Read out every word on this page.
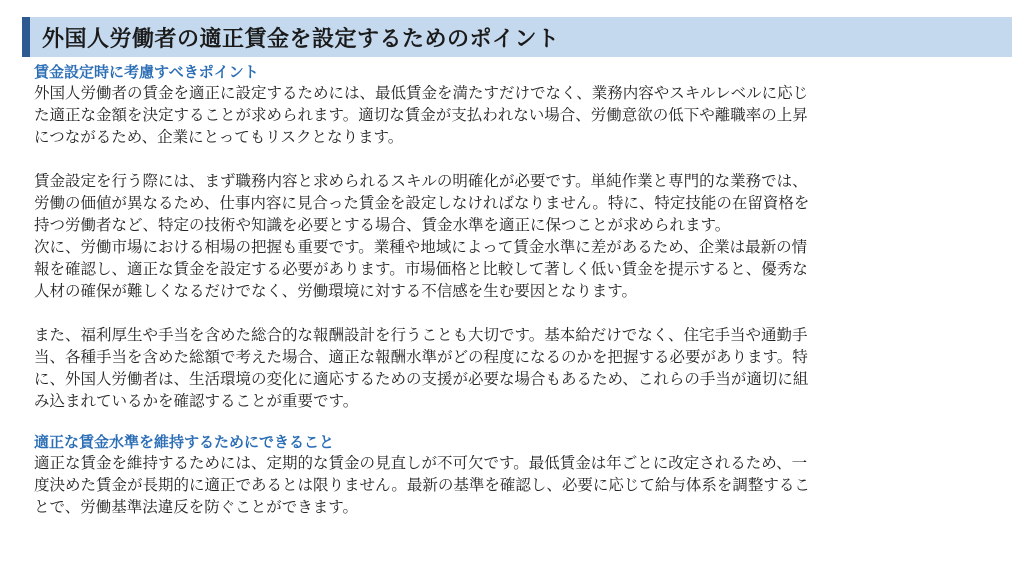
外国人労働者の適正賃金を設定するためのポイント
賃金設定時に考慮すべきポイント
外国人労働者の賃金を適正に設定するためには、最低賃金を満たすだけでなく、業務内容やスキルレベルに応じ
た適正な金額を決定することが求められます。適切な賃金が支払われない場合、労働意欲の低下や離職率の上昇
につながるため、企業にとってもリスクとなります。
賃金設定を行う際には、まず職務内容と求められるスキルの明確化が必要です。単純作業と専門的な業務では、
労働の価値が異なるため、仕事内容に見合った賃金を設定しなければなりません。特に、特定技能の在留資格を
持つ労働者など、特定の技術や知識を必要とする場合、賃金水準を適正に保つことが求められます。
次に、労働市場における相場の把握も重要です。業種や地域によって賃金水準に差があるため、企業は最新の情
報を確認し、適正な賃金を設定する必要があります。市場価格と比較して著しく低い賃金を提示すると、優秀な
人材の確保が難しくなるだけでなく、労働環境に対する不信感を生む要因となります。
また、福利厚生や手当を含めた総合的な報酬設計を行うことも大切です。基本給だけでなく、住宅手当や通勤手
当、各種手当を含めた総額で考えた場合、適正な報酬水準がどの程度になるのかを把握する必要があります。特
に、外国人労働者は、生活環境の変化に適応するための支援が必要な場合もあるため、これらの手当が適切に組
み込まれているかを確認することが重要です。
適正な賃金水準を維持するためにできること
適正な賃金を維持するためには、定期的な賃金の見直しが不可欠です。最低賃金は年ごとに改定されるため、一
度決めた賃金が長期的に適正であるとは限りません。最新の基準を確認し、必要に応じて給与体系を調整するこ
とで、労働基準法違反を防ぐことができます。
